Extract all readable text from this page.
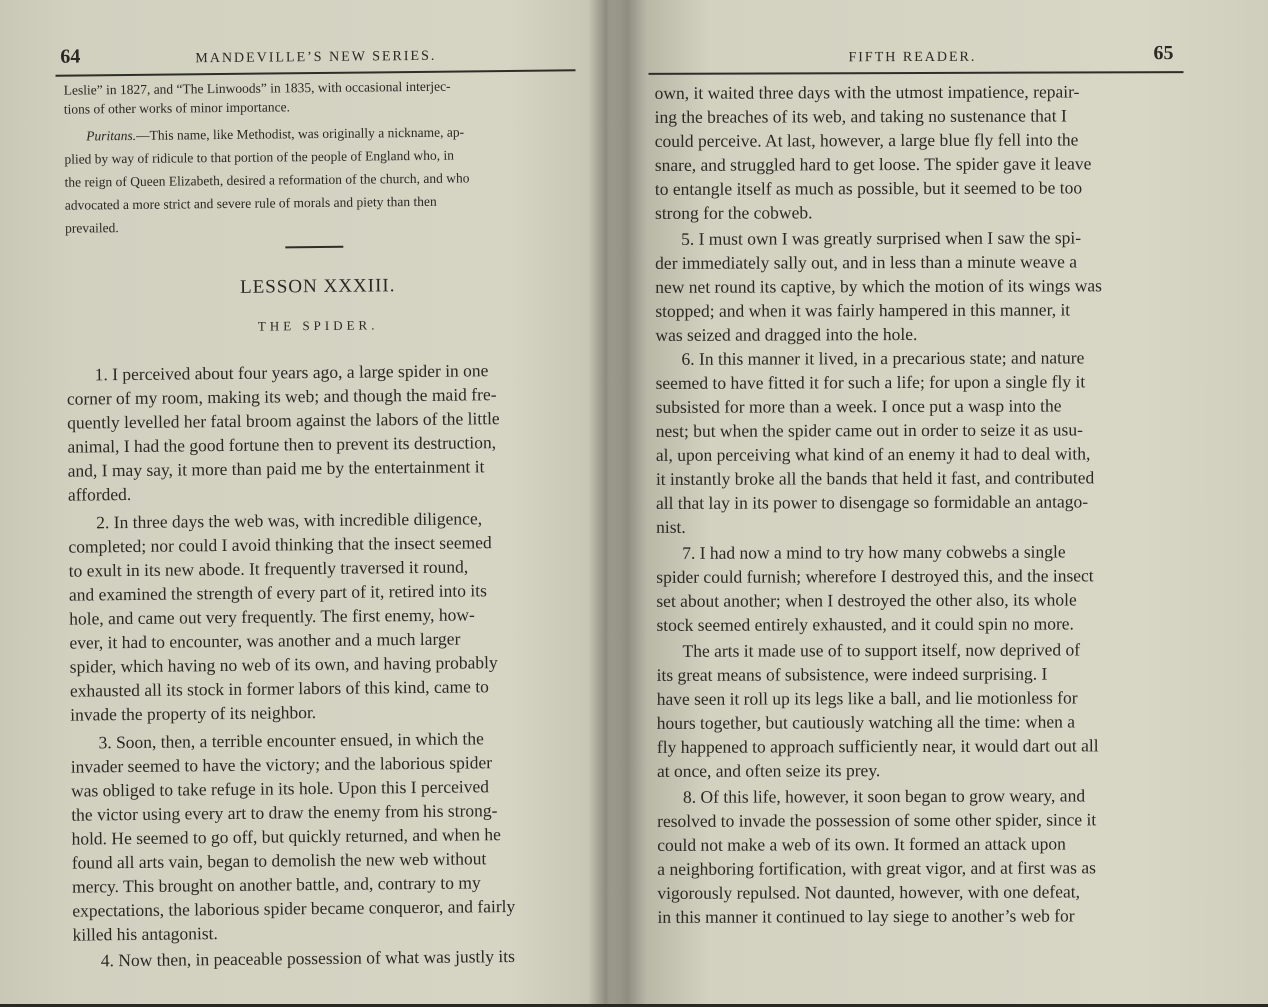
64	MANDEVILLE’S NEW SERIES.
Leslie” in 1827, and “The Linwoods” in 1835, with occasional interjec-
tions of other works of minor importance.
Puritans.—This name, like Methodist, was originally a nickname, ap-
plied by way of ridicule to that portion of the people of England who, in
the reign of Queen Elizabeth, desired a reformation of the church, and who
advocated a more strict and severe rule of morals and piety than then
prevailed.
LESSON XXXIII.
THE SPIDER.
1. I perceived about four years ago, a large spider in one
corner of my room, making its web; and though the maid fre-
quently levelled her fatal broom against the labors of the little
animal, I had the good fortune then to prevent its destruction,
and, I may say, it more than paid me by the entertainment it
afforded.
2. In three days the web was, with incredible diligence,
completed; nor could I avoid thinking that the insect seemed
to exult in its new abode. It frequently traversed it round,
and examined the strength of every part of it, retired into its
hole, and came out very frequently. The first enemy, how-
ever, it had to encounter, was another and a much larger
spider, which having no web of its own, and having probably
exhausted all its stock in former labors of this kind, came to
invade the property of its neighbor.
3. Soon, then, a terrible encounter ensued, in which the
invader seemed to have the victory; and the laborious spider
was obliged to take refuge in its hole. Upon this I perceived
the victor using every art to draw the enemy from his strong-
hold. He seemed to go off, but quickly returned, and when he
found all arts vain, began to demolish the new web without
mercy. This brought on another battle, and, contrary to my
expectations, the laborious spider became conqueror, and fairly
killed his antagonist.
4. Now then, in peaceable possession of what was justly its
FIFTH READER.	65
own, it waited three days with the utmost impatience, repair-
ing the breaches of its web, and taking no sustenance that I
could perceive. At last, however, a large blue fly fell into the
snare, and struggled hard to get loose. The spider gave it leave
to entangle itself as much as possible, but it seemed to be too
strong for the cobweb.
5. I must own I was greatly surprised when I saw the spi-
der immediately sally out, and in less than a minute weave a
new net round its captive, by which the motion of its wings was
stopped; and when it was fairly hampered in this manner, it
was seized and dragged into the hole.
6. In this manner it lived, in a precarious state; and nature
seemed to have fitted it for such a life; for upon a single fly it
subsisted for more than a week. I once put a wasp into the
nest; but when the spider came out in order to seize it as usu-
al, upon perceiving what kind of an enemy it had to deal with,
it instantly broke all the bands that held it fast, and contributed
all that lay in its power to disengage so formidable an antago-
nist.
7. I had now a mind to try how many cobwebs a single
spider could furnish; wherefore I destroyed this, and the insect
set about another; when I destroyed the other also, its whole
stock seemed entirely exhausted, and it could spin no more.
The arts it made use of to support itself, now deprived of
its great means of subsistence, were indeed surprising. I
have seen it roll up its legs like a ball, and lie motionless for
hours together, but cautiously watching all the time: when a
fly happened to approach sufficiently near, it would dart out all
at once, and often seize its prey.
8. Of this life, however, it soon began to grow weary, and
resolved to invade the possession of some other spider, since it
could not make a web of its own. It formed an attack upon
a neighboring fortification, with great vigor, and at first was as
vigorously repulsed. Not daunted, however, with one defeat,
in this manner it continued to lay siege to another’s web for
